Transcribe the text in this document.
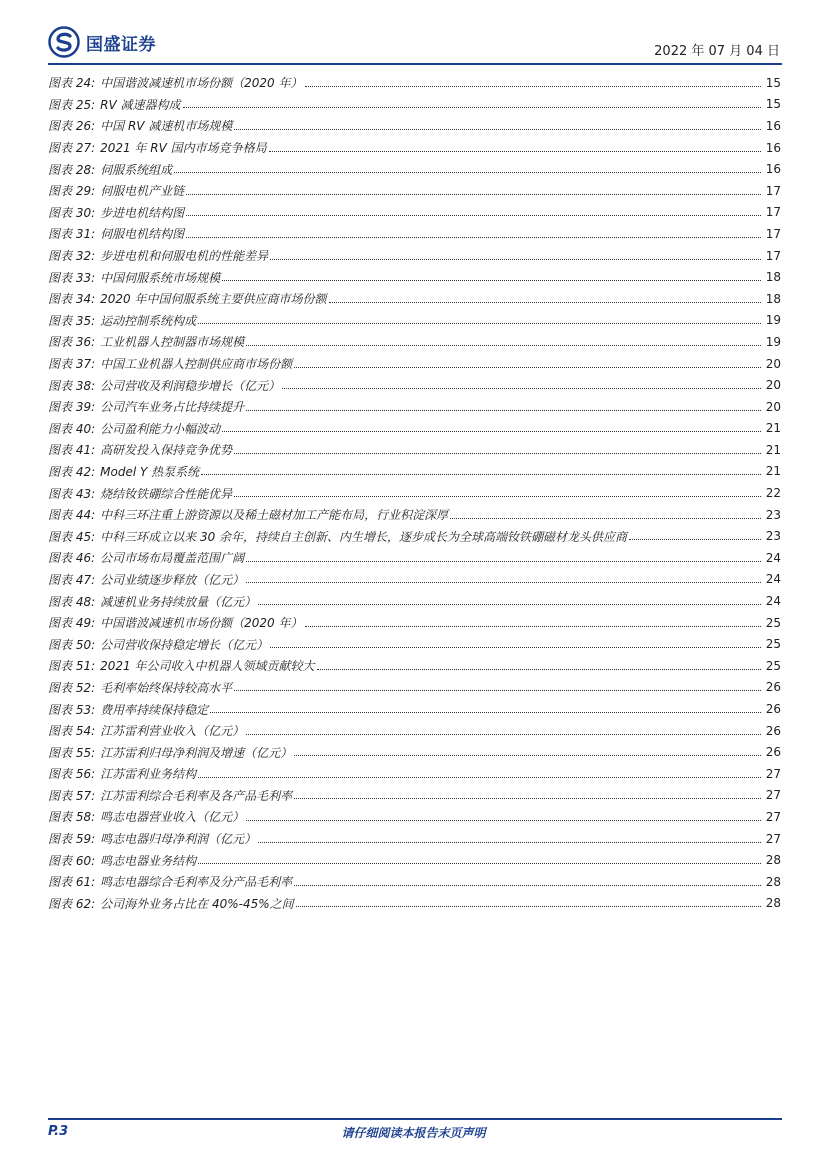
国盛证券	2022 年 07 月 04 日
图表 24: 中国谐波减速机市场份额（2020 年）	15
图表 25: RV 减速器构成	15
图表 26: 中国 RV 减速机市场规模	16
图表 27: 2021 年 RV 国内市场竞争格局	16
图表 28: 伺服系统组成	16
图表 29: 伺服电机产业链	17
图表 30: 步进电机结构图	17
图表 31: 伺服电机结构图	17
图表 32: 步进电机和伺服电机的性能差异	17
图表 33: 中国伺服系统市场规模	18
图表 34: 2020 年中国伺服系统主要供应商市场份额	18
图表 35: 运动控制系统构成	19
图表 36: 工业机器人控制器市场规模	19
图表 37: 中国工业机器人控制供应商市场份额	20
图表 38: 公司营收及利润稳步增长（亿元）	20
图表 39: 公司汽车业务占比持续提升	20
图表 40: 公司盈利能力小幅波动	21
图表 41: 高研发投入保持竞争优势	21
图表 42: Model Y 热泵系统	21
图表 43: 烧结钕铁硼综合性能优异	22
图表 44: 中科三环注重上游资源以及稀土磁材加工产能布局，行业积淀深厚	23
图表 45: 中科三环成立以来 30 余年，持续自主创新、内生增长，逐步成长为全球高端钕铁硼磁材龙头供应商	23
图表 46: 公司市场布局覆盖范围广阔	24
图表 47: 公司业绩逐步释放（亿元）	24
图表 48: 减速机业务持续放量（亿元）	24
图表 49: 中国谐波减速机市场份额（2020 年）	25
图表 50: 公司营收保持稳定增长（亿元）	25
图表 51: 2021 年公司收入中机器人领域贡献较大	25
图表 52: 毛利率始终保持较高水平	26
图表 53: 费用率持续保持稳定	26
图表 54: 江苏雷利营业收入（亿元）	26
图表 55: 江苏雷利归母净利润及增速（亿元）	26
图表 56: 江苏雷利业务结构	27
图表 57: 江苏雷利综合毛利率及各产品毛利率	27
图表 58: 鸣志电器营业收入（亿元）	27
图表 59: 鸣志电器归母净利润（亿元）	27
图表 60: 鸣志电器业务结构	28
图表 61: 鸣志电器综合毛利率及分产品毛利率	28
图表 62: 公司海外业务占比在 40%-45%之间	28
P.3	请仔细阅读本报告末页声明
